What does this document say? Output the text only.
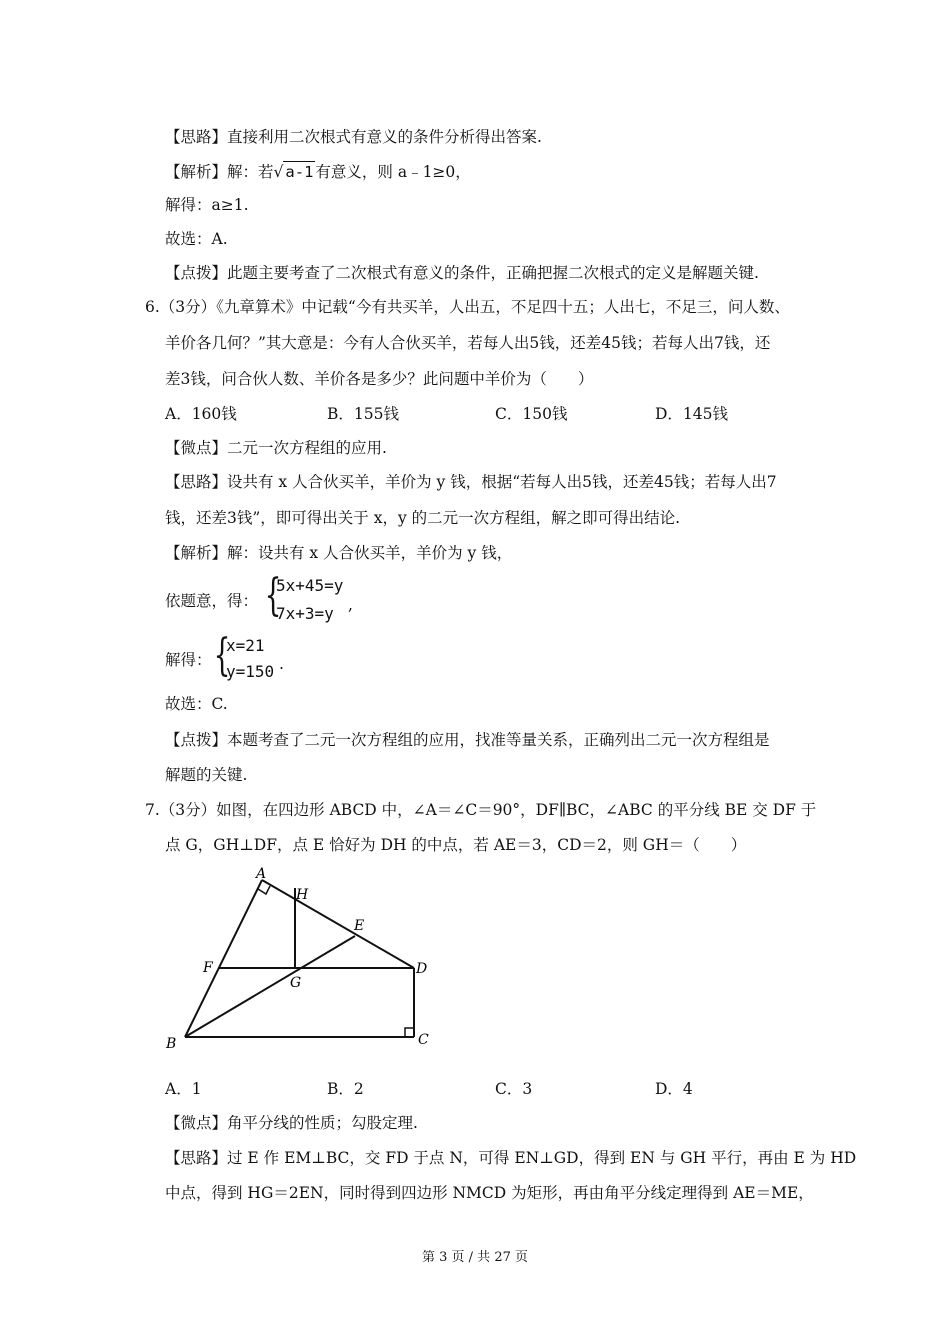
【思路】直接利用二次根式有意义的条件分析得出答案.
【解析】解：若√ a-1 有意义，则 a﹣1≥0，
解得：a≥1.
故选：A.
【点拨】此题主要考查了二次根式有意义的条件，正确把握二次根式的定义是解题关键.
6.（3分）《九章算术》中记载“今有共买羊，人出五，不足四十五；人出七，不足三，问人数、
羊价各几何？”其大意是：今有人合伙买羊，若每人出5钱，还差45钱；若每人出7钱，还
差3钱，问合伙人数、羊价各是多少？此问题中羊价为（　　）
A．160钱	B．155钱	C．150钱	D．145钱
【微点】二元一次方程组的应用.
【思路】设共有 x 人合伙买羊，羊价为 y 钱，根据“若每人出5钱，还差45钱；若每人出7
钱，还差3钱”，即可得出关于 x，y 的二元一次方程组，解之即可得出结论.
【解析】解：设共有 x 人合伙买羊，羊价为 y 钱，
依题意，得： {
5x+45=y
7x+3=y ,
解得： {
x=21
y=150 .
故选：C.
【点拨】本题考查了二元一次方程组的应用，找准等量关系，正确列出二元一次方程组是
解题的关键.
7.（3分）如图，在四边形 ABCD 中，∠A＝∠C＝90°，DF∥BC，∠ABC 的平分线 BE 交 DF 于
点 G，GH⊥DF，点 E 恰好为 DH 的中点，若 AE＝3，CD＝2，则 GH＝（　　）
A
H
E
F
G
D
B	C
A．1	B．2	C．3	D．4
【微点】角平分线的性质；勾股定理.
【思路】过 E 作 EM⊥BC，交 FD 于点 N，可得 EN⊥GD，得到 EN 与 GH 平行，再由 E 为 HD
中点，得到 HG＝2EN，同时得到四边形 NMCD 为矩形，再由角平分线定理得到 AE＝ME，
第 3 页 / 共 27 页
